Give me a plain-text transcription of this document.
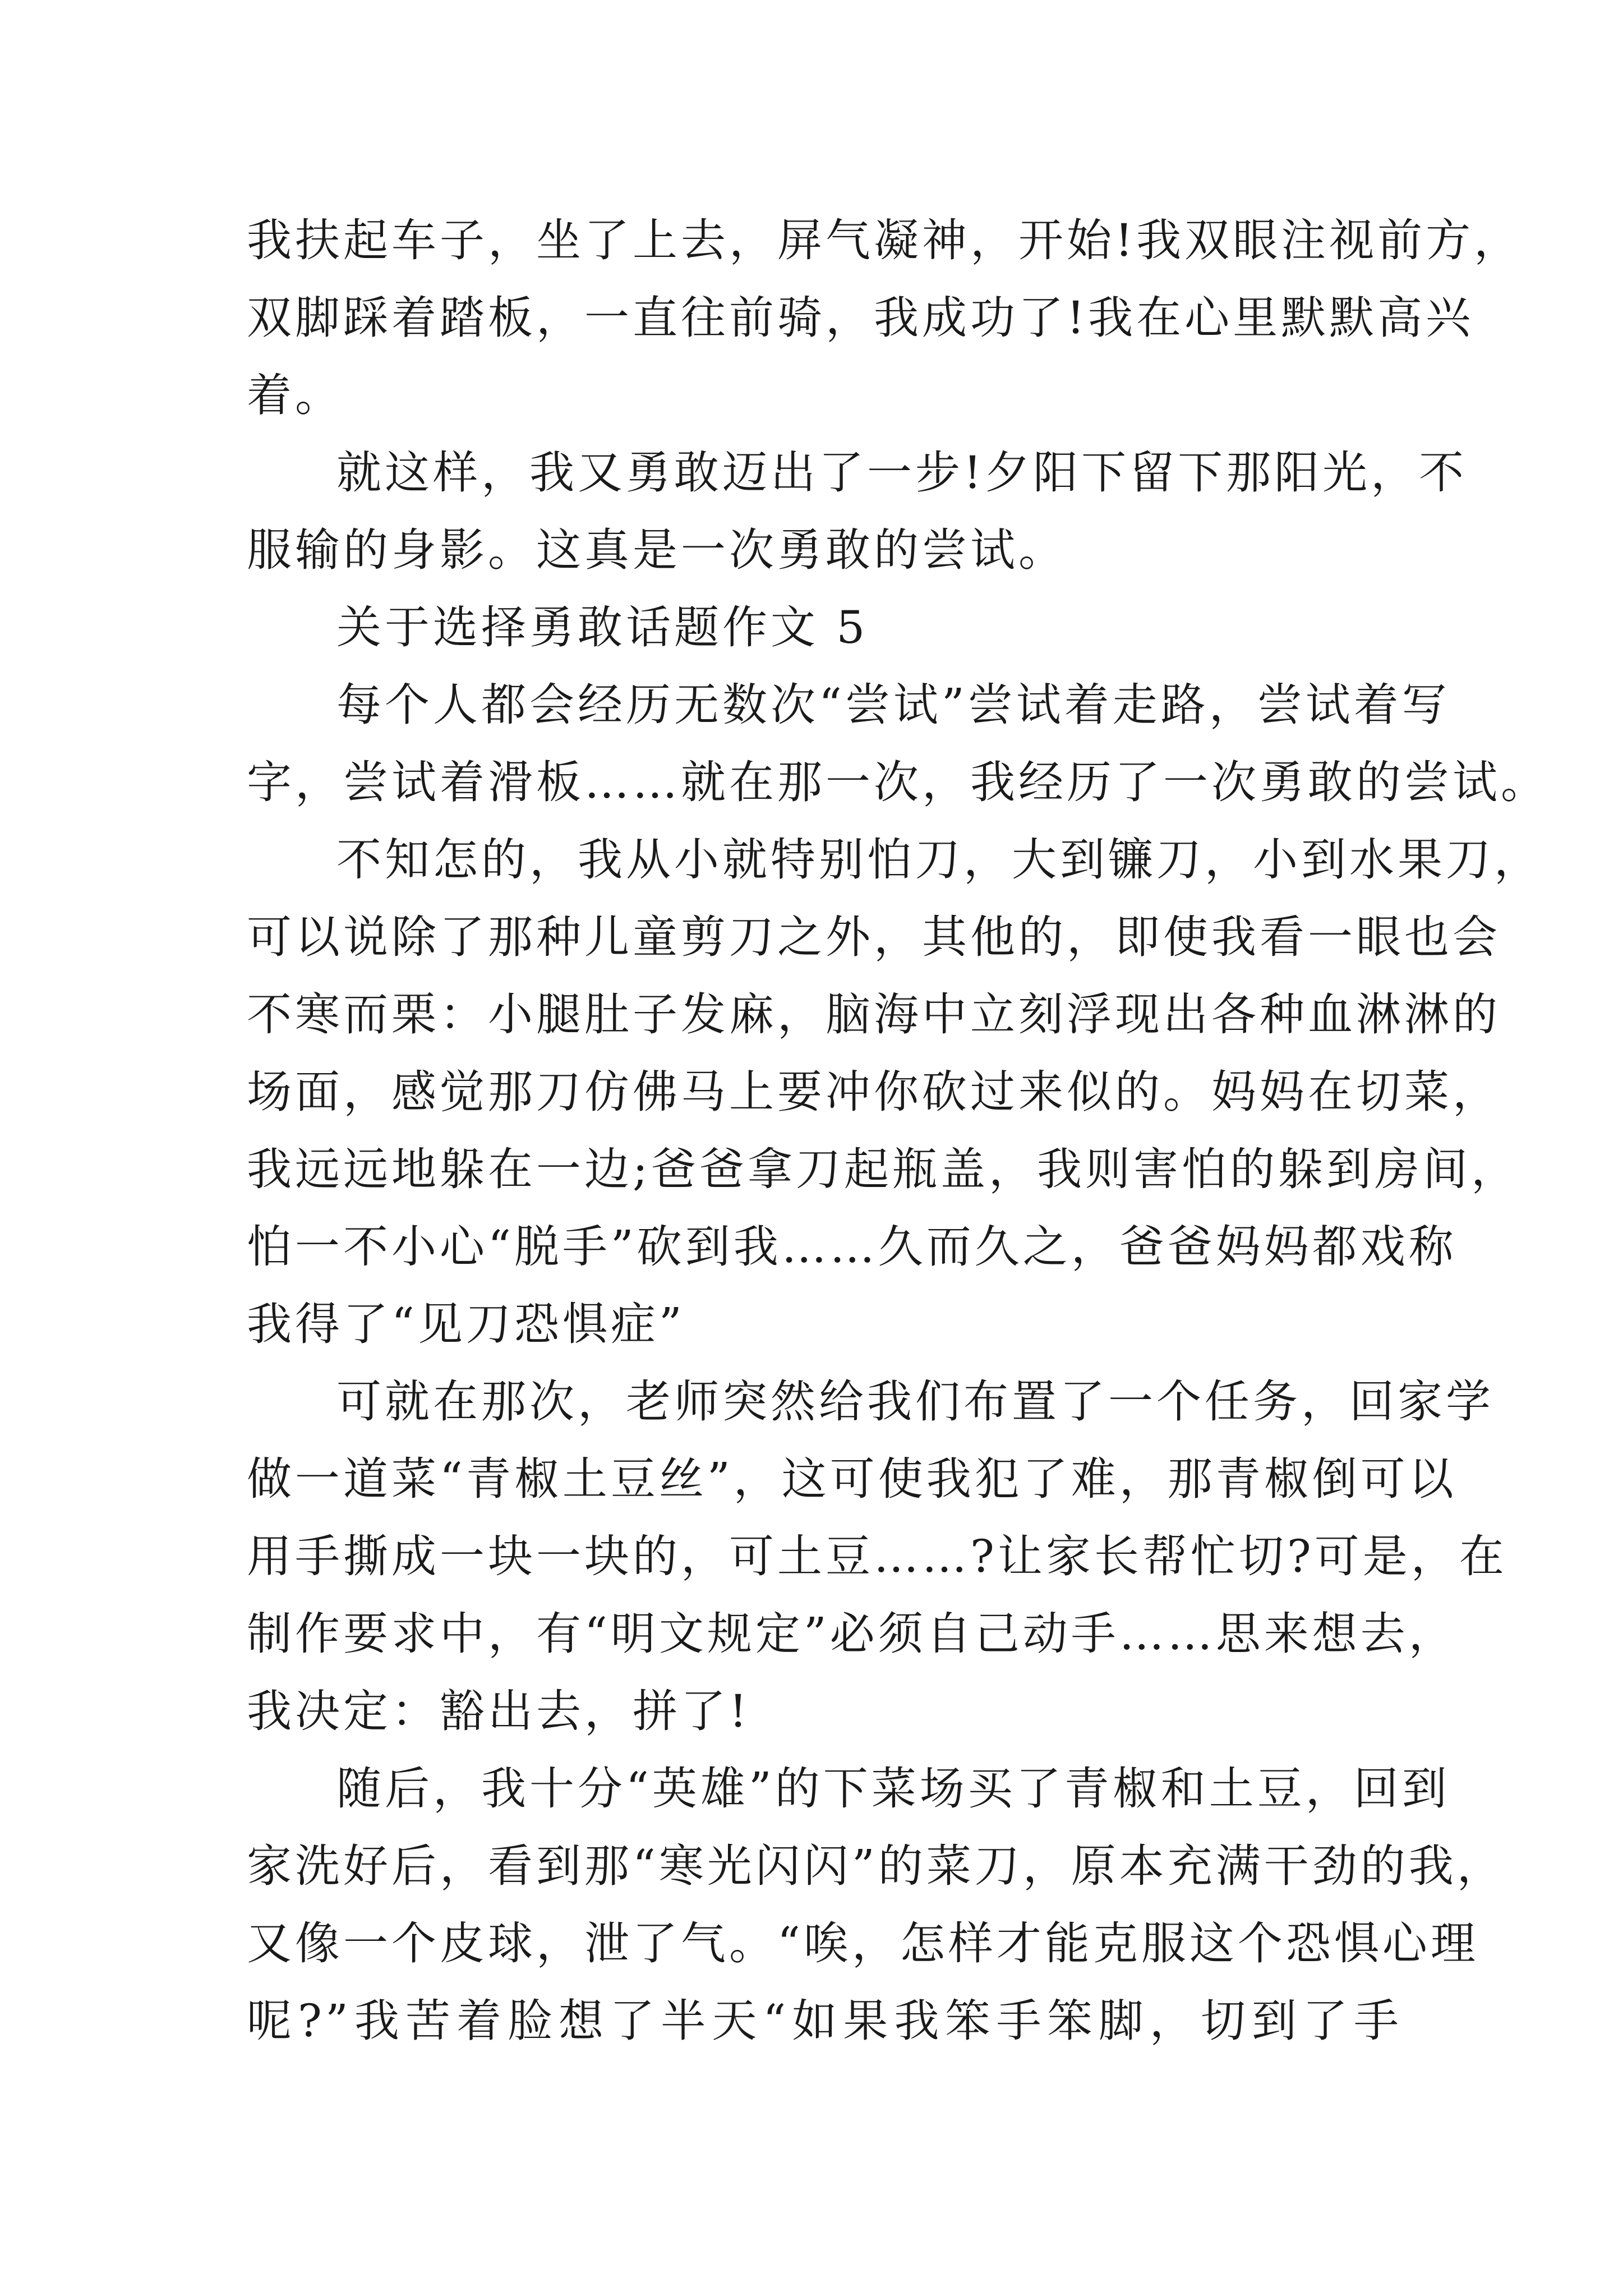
我扶起车子，坐了上去，屏气凝神，开始!我双眼注视前方，
双脚踩着踏板，一直往前骑，我成功了!我在心里默默高兴
着。
就这样，我又勇敢迈出了一步!夕阳下留下那阳光，不
服输的身影。这真是一次勇敢的尝试。
关于选择勇敢话题作文 5
每个人都会经历无数次“尝试”尝试着走路，尝试着写
字，尝试着滑板……就在那一次，我经历了一次勇敢的尝试。
不知怎的，我从小就特别怕刀，大到镰刀，小到水果刀，
可以说除了那种儿童剪刀之外，其他的，即使我看一眼也会
不寒而栗：小腿肚子发麻，脑海中立刻浮现出各种血淋淋的
场面，感觉那刀仿佛马上要冲你砍过来似的。妈妈在切菜，
我远远地躲在一边;爸爸拿刀起瓶盖，我则害怕的躲到房间，
怕一不小心“脱手”砍到我……久而久之，爸爸妈妈都戏称
我得了“见刀恐惧症”
可就在那次，老师突然给我们布置了一个任务，回家学
做一道菜“青椒土豆丝”，这可使我犯了难，那青椒倒可以
用手撕成一块一块的，可土豆……?让家长帮忙切?可是，在
制作要求中，有“明文规定”必须自己动手……思来想去，
我决定：豁出去，拼了!
随后，我十分“英雄”的下菜场买了青椒和土豆，回到
家洗好后，看到那“寒光闪闪”的菜刀，原本充满干劲的我，
又像一个皮球，泄了气。“唉，怎样才能克服这个恐惧心理
呢?”我苦着脸想了半天“如果我笨手笨脚，切到了手
